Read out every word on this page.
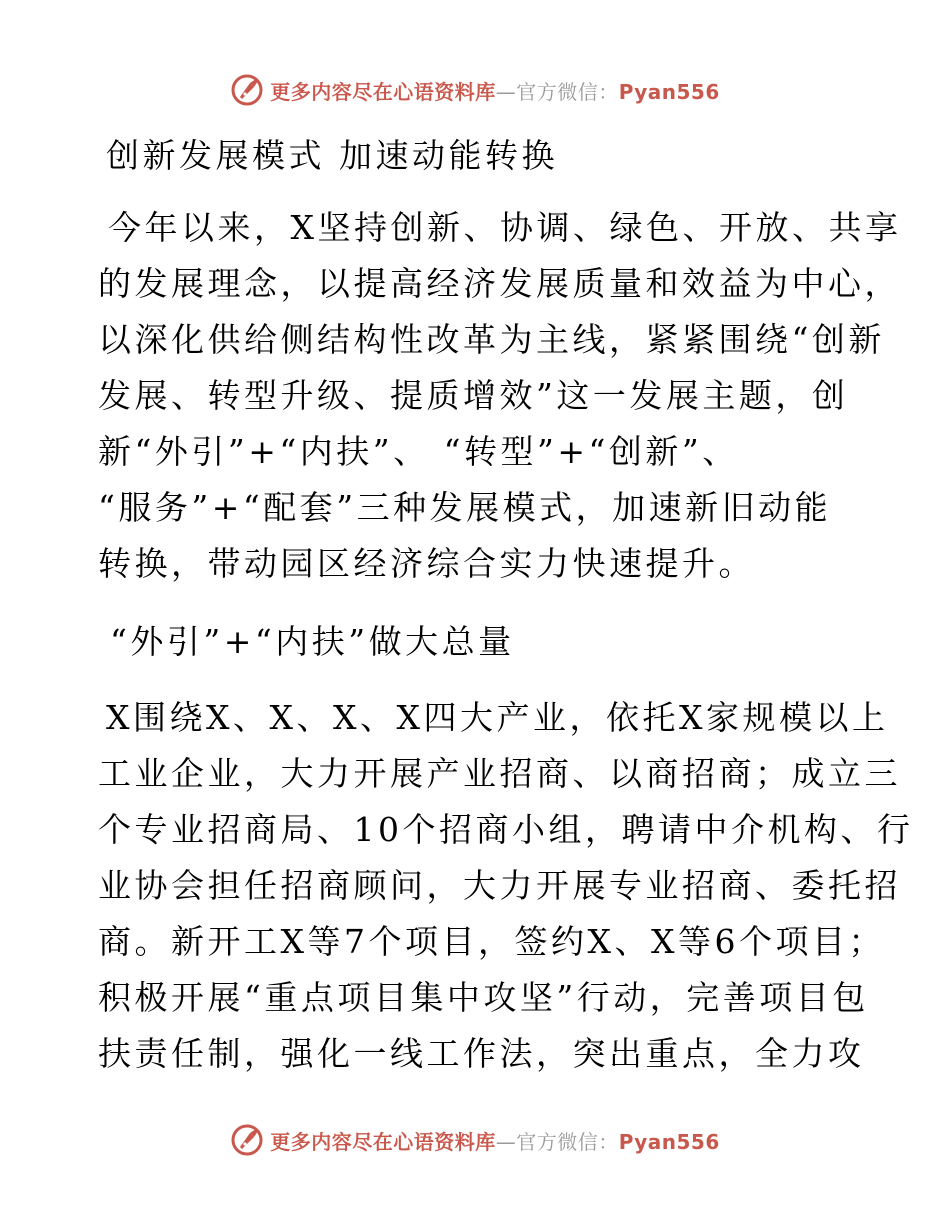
更多内容尽在心语资料库—官方微信：Pyan556
创新发展模式 加速动能转换
今年以来，X坚持创新、协调、绿色、开放、共享
的发展理念，以提高经济发展质量和效益为中心，
以深化供给侧结构性改革为主线，紧紧围绕“创新
发展、转型升级、提质增效”这一发展主题，创
新“外引”+“内扶”、 “转型”+“创新”、
“服务”+“配套”三种发展模式，加速新旧动能
转换，带动园区经济综合实力快速提升。
“外引”+“内扶”做大总量
X围绕X、X、X、X四大产业，依托X家规模以上
工业企业，大力开展产业招商、以商招商；成立三
个专业招商局、10个招商小组，聘请中介机构、行
业协会担任招商顾问，大力开展专业招商、委托招
商。新开工X等7个项目，签约X、X等6个项目；
积极开展“重点项目集中攻坚”行动，完善项目包
扶责任制，强化一线工作法，突出重点，全力攻
更多内容尽在心语资料库—官方微信：Pyan556
